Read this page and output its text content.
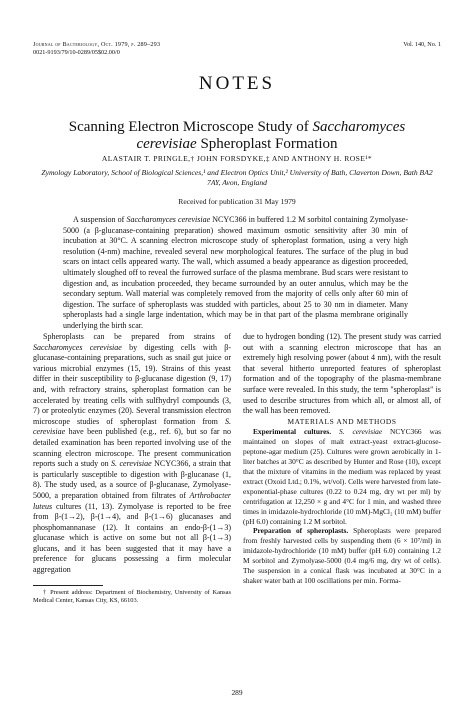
Journal of Bacteriology, Oct. 1979, p. 289–293
0021-9193/79/10-0289/05$02.00/0
Vol. 140, No. 1
NOTES
Scanning Electron Microscope Study of Saccharomyces
cerevisiae Spheroplast Formation
ALASTAIR T. PRINGLE,† JOHN FORSDYKE,‡ AND ANTHONY H. ROSE¹*
Zymology Laboratory, School of Biological Sciences,¹ and Electron Optics Unit,² University of Bath, Claverton Down, Bath BA2 7AY, Avon, England
Received for publication 31 May 1979
A suspension of Saccharomyces cerevisiae NCYC366 in buffered 1.2 M sorbitol containing Zymolyase-5000 (a β-glucanase-containing preparation) showed maximum osmotic sensitivity after 30 min of incubation at 30°C. A scanning electron microscope study of spheroplast formation, using a very high resolution (4-nm) machine, revealed several new morphological features. The surface of the plug in bud scars on intact cells appeared warty. The wall, which assumed a beady appearance as digestion proceeded, ultimately sloughed off to reveal the furrowed surface of the plasma membrane. Bud scars were resistant to digestion and, as incubation proceeded, they became surrounded by an outer annulus, which may be the secondary septum. Wall material was completely removed from the majority of cells only after 60 min of digestion. The surface of spheroplasts was studded with particles, about 25 to 30 nm in diameter. Many spheroplasts had a single large indentation, which may be in that part of the plasma membrane originally underlying the birth scar.

Spheroplasts can be prepared from strains of Saccharomyces cerevisiae by digesting cells with β-glucanase-containing preparations, such as snail gut juice or various microbial enzymes (15, 19). Strains of this yeast differ in their susceptibility to β-glucanase digestion (9, 17) and, with refractory strains, spheroplast formation can be accelerated by treating cells with sulfhydryl compounds (3, 7) or proteolytic enzymes (20). Several transmission electron microscope studies of spheroplast formation from S. cerevisiae have been published (e.g., ref. 6), but so far no detailed examination has been reported involving use of the scanning electron microscope. The present communication reports such a study on S. cerevisiae NCYC366, a strain that is particularly susceptible to digestion with β-glucanase (1, 8). The study used, as a source of β-glucanase, Zymolyase-5000, a preparation obtained from filtrates of Arthrobacter luteus cultures (11, 13). Zymolyase is reported to be free from β-(1→2), β-(1→4), and β-(1→6) glucanases and phosphomannanase (12). It contains an endo-β-(1→3) glucanase which is active on some but not all β-(1→3) glucans, and it has been suggested that it may have a preference for glucans possessing a firm molecular aggregation

† Present address: Department of Biochemistry, University of Kansas Medical Center, Kansas City, KS, 66103.

due to hydrogen bonding (12). The present study was carried out with a scanning electron microscope that has an extremely high resolving power (about 4 nm), with the result that several hitherto unreported features of spheroplast formation and of the topography of the plasma-membrane surface were revealed. In this study, the term "spheroplast" is used to describe structures from which all, or almost all, of the wall has been removed.

MATERIALS AND METHODS

Experimental cultures. S. cerevisiae NCYC366 was maintained on slopes of malt extract-yeast extract-glucose-peptone-agar medium (25). Cultures were grown aerobically in 1-liter batches at 30°C as described by Hunter and Rose (10), except that the mixture of vitamins in the medium was replaced by yeast extract (Oxoid Ltd.; 0.1%, wt/vol). Cells were harvested from late-exponential-phase cultures (0.22 to 0.24 mg, dry wt per ml) by centrifugation at 12,250 × g and 4°C for 1 min, and washed three times in imidazole-hydrochloride (10 mM)-MgCl₂ (10 mM) buffer (pH 6.0) containing 1.2 M sorbitol.

Preparation of spheroplasts. Spheroplasts were prepared from freshly harvested cells by suspending them (6 × 10⁷/ml) in imidazole-hydrochloride (10 mM) buffer (pH 6.0) containing 1.2 M sorbitol and Zymolyase-5000 (0.4 mg/6 mg, dry wt of cells). The suspension in a conical flask was incubated at 30°C in a shaker water bath at 100 oscillations per min. Forma-

289
